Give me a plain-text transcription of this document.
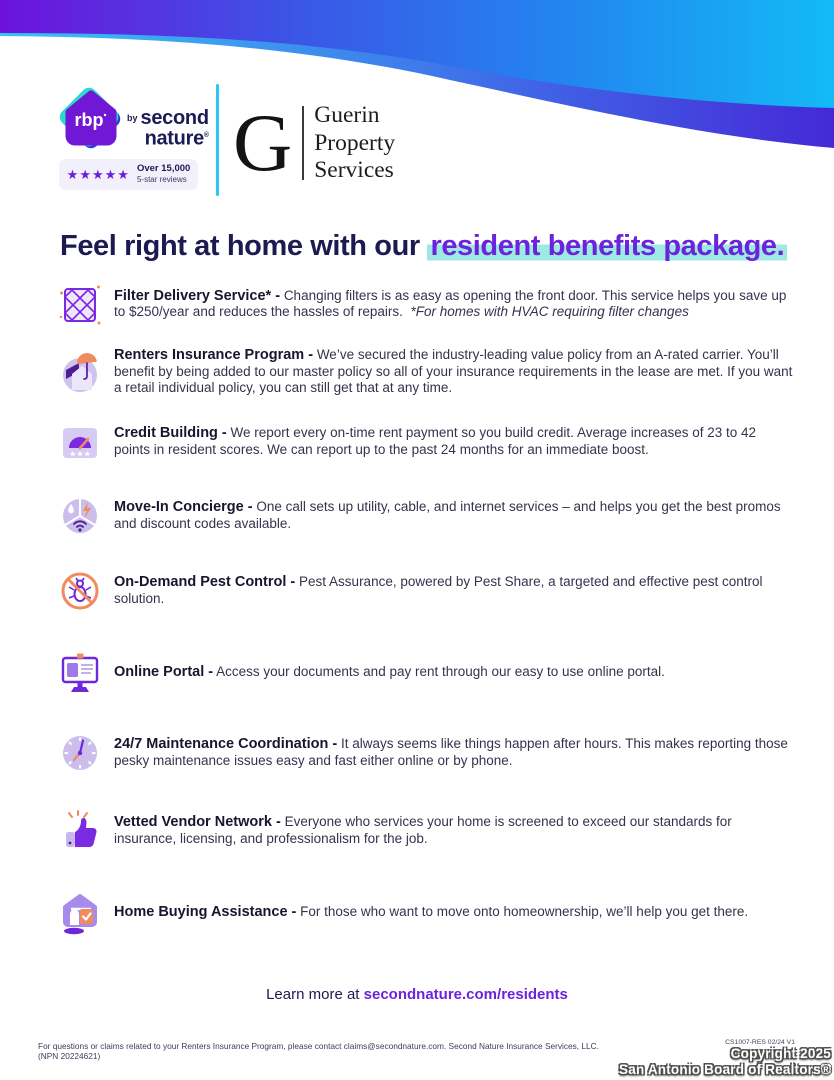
rbp	by second
nature®
★★★★★ Over 15,000
5-star reviews G Guerin
Property
Services
Feel right at home with our resident benefits package.
Filter Delivery Service* - Changing filters is as easy as opening the front door. This service helps you save up to $250/year and reduces the hassles of repairs. *For homes with HVAC requiring filter changes
Renters Insurance Program - We’ve secured the industry-leading value policy from an A-rated carrier. You’ll benefit by being added to our master policy so all of your insurance requirements in the lease are met. If you want a retail individual policy, you can still get that at any time.
★★★
Credit Building - We report every on-time rent payment so you build credit. Average increases of 23 to 42 points in resident scores. We can report up to the past 24 months for an immediate boost.
Move-In Concierge - One call sets up utility, cable, and internet services – and helps you get the best promos and discount codes available.
On-Demand Pest Control - Pest Assurance, powered by Pest Share, a targeted and effective pest control solution.
Online Portal - Access your documents and pay rent through our easy to use online portal.
24/7 Maintenance Coordination - It always seems like things happen after hours. This makes reporting those pesky maintenance issues easy and fast either online or by phone.
Vetted Vendor Network - Everyone who services your home is screened to exceed our standards for insurance, licensing, and professionalism for the job.
Home Buying Assistance - For those who want to move onto homeownership, we’ll help you get there.
Learn more at secondnature.com/residents
For questions or claims related to your Renters Insurance Program, please contact claims@secondnature.com. Second Nature Insurance Services, LLC. (NPN 20224621)
CS1007-RES 02/24 V1
Copyright 2025
San Antonio Board of Realtors®
